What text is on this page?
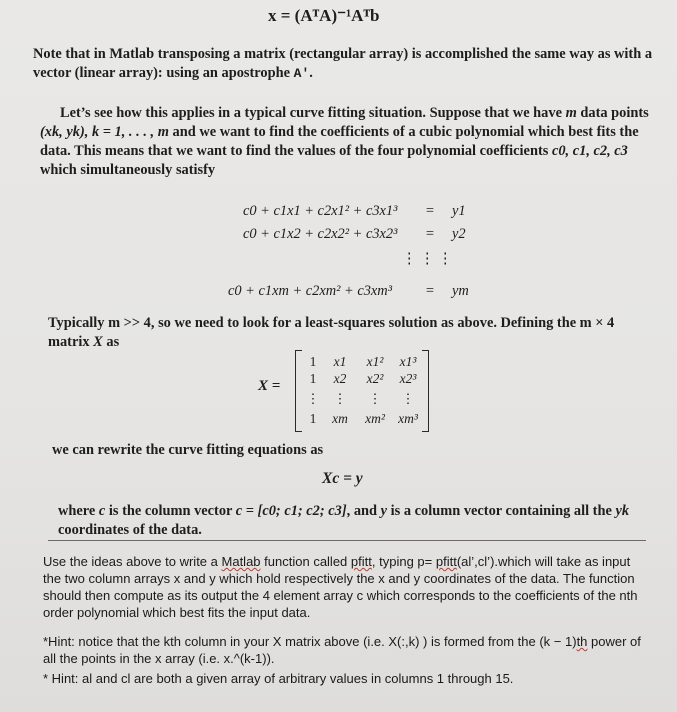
x = (AᵀA)⁻¹Aᵀb

Note that in Matlab transposing a matrix (rectangular array) is accomplished the same way as with a vector (linear array): using an apostrophe A'.

Let’s see how this applies in a typical curve fitting situation. Suppose that we have m data points (xk, yk), k = 1, . . . , m and we want to find the coefficients of a cubic polynomial which best fits the data. This means that we want to find the values of the four polynomial coefficients c0, c1, c2, c3 which simultaneously satisfy

c0 + c1x1 + c2x1² + c3x1³ = y1
c0 + c1x2 + c2x2² + c3x2³ = y2
⋮ ⋮ ⋮
c0 + c1xm + c2xm² + c3xm³ = ym

Typically m >> 4, so we need to look for a least-squares solution as above. Defining the m × 4 matrix X as

X =
1	x1	x1²	x1³
1	x2	x2²	x2³
⋮	⋮	⋮	⋮
1	xm	xm² xm³

we can rewrite the curve fitting equations as

Xc = y

where c is the column vector c = [c0; c1; c2; c3], and y is a column vector containing all the yk coordinates of the data.

Use the ideas above to write a Matlab function called pfitt, typing p= pfitt(al’,cl’).which will take as input the two column arrays x and y which hold respectively the x and y coordinates of the data. The function should then compute as its output the 4 element array c which corresponds to the coefficients of the nth order polynomial which best fits the input data.

*Hint: notice that the kth column in your X matrix above (i.e. X(:,k) ) is formed from the (k − 1)th power of all the points in the x array (i.e. x.^(k-1)).

* Hint: al and cl are both a given array of arbitrary values in columns 1 through 15.
